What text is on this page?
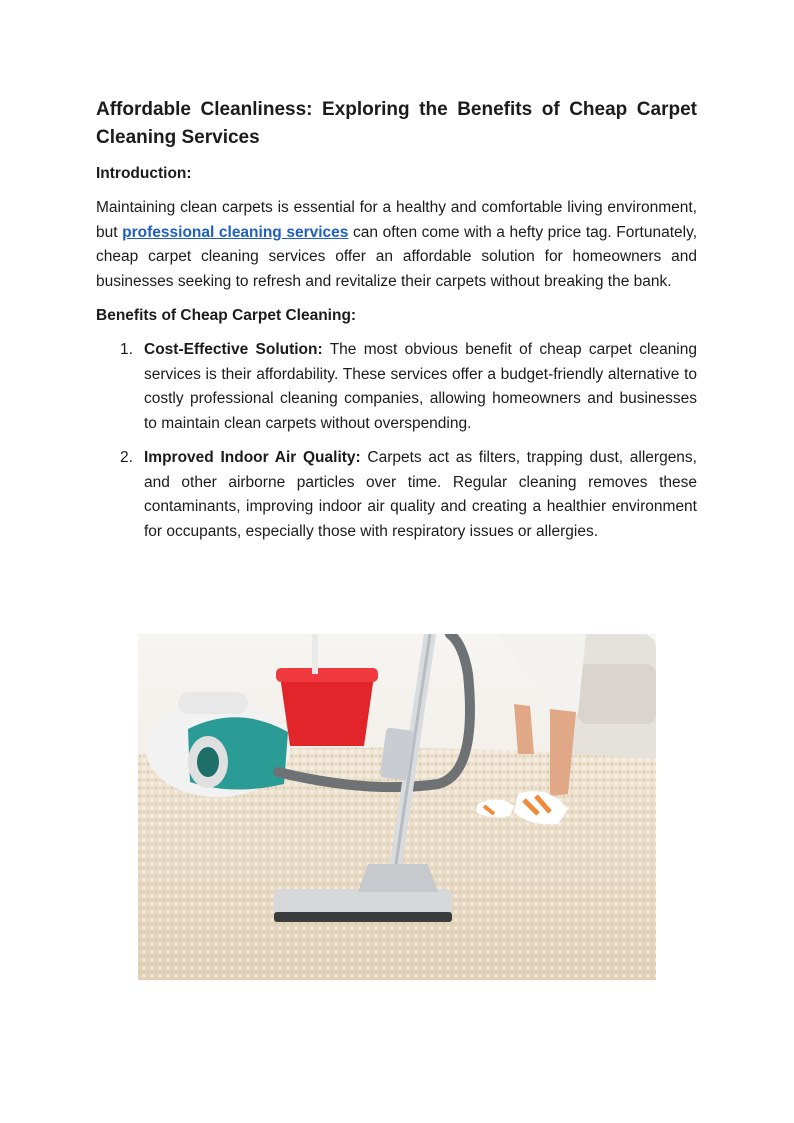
Affordable Cleanliness: Exploring the Benefits of Cheap Carpet Cleaning Services
Introduction:

Maintaining clean carpets is essential for a healthy and comfortable living environment, but professional cleaning services can often come with a hefty price tag. Fortunately, cheap carpet cleaning services offer an affordable solution for homeowners and businesses seeking to refresh and revitalize their carpets without breaking the bank.

Benefits of Cheap Carpet Cleaning:
1. Cost-Effective Solution: The most obvious benefit of cheap carpet cleaning services is their affordability. These services offer a budget-friendly alternative to costly professional cleaning companies, allowing homeowners and businesses to maintain clean carpets without overspending.
2. Improved Indoor Air Quality: Carpets act as filters, trapping dust, allergens, and other airborne particles over time. Regular cleaning removes these contaminants, improving indoor air quality and creating a healthier environment for occupants, especially those with respiratory issues or allergies.
